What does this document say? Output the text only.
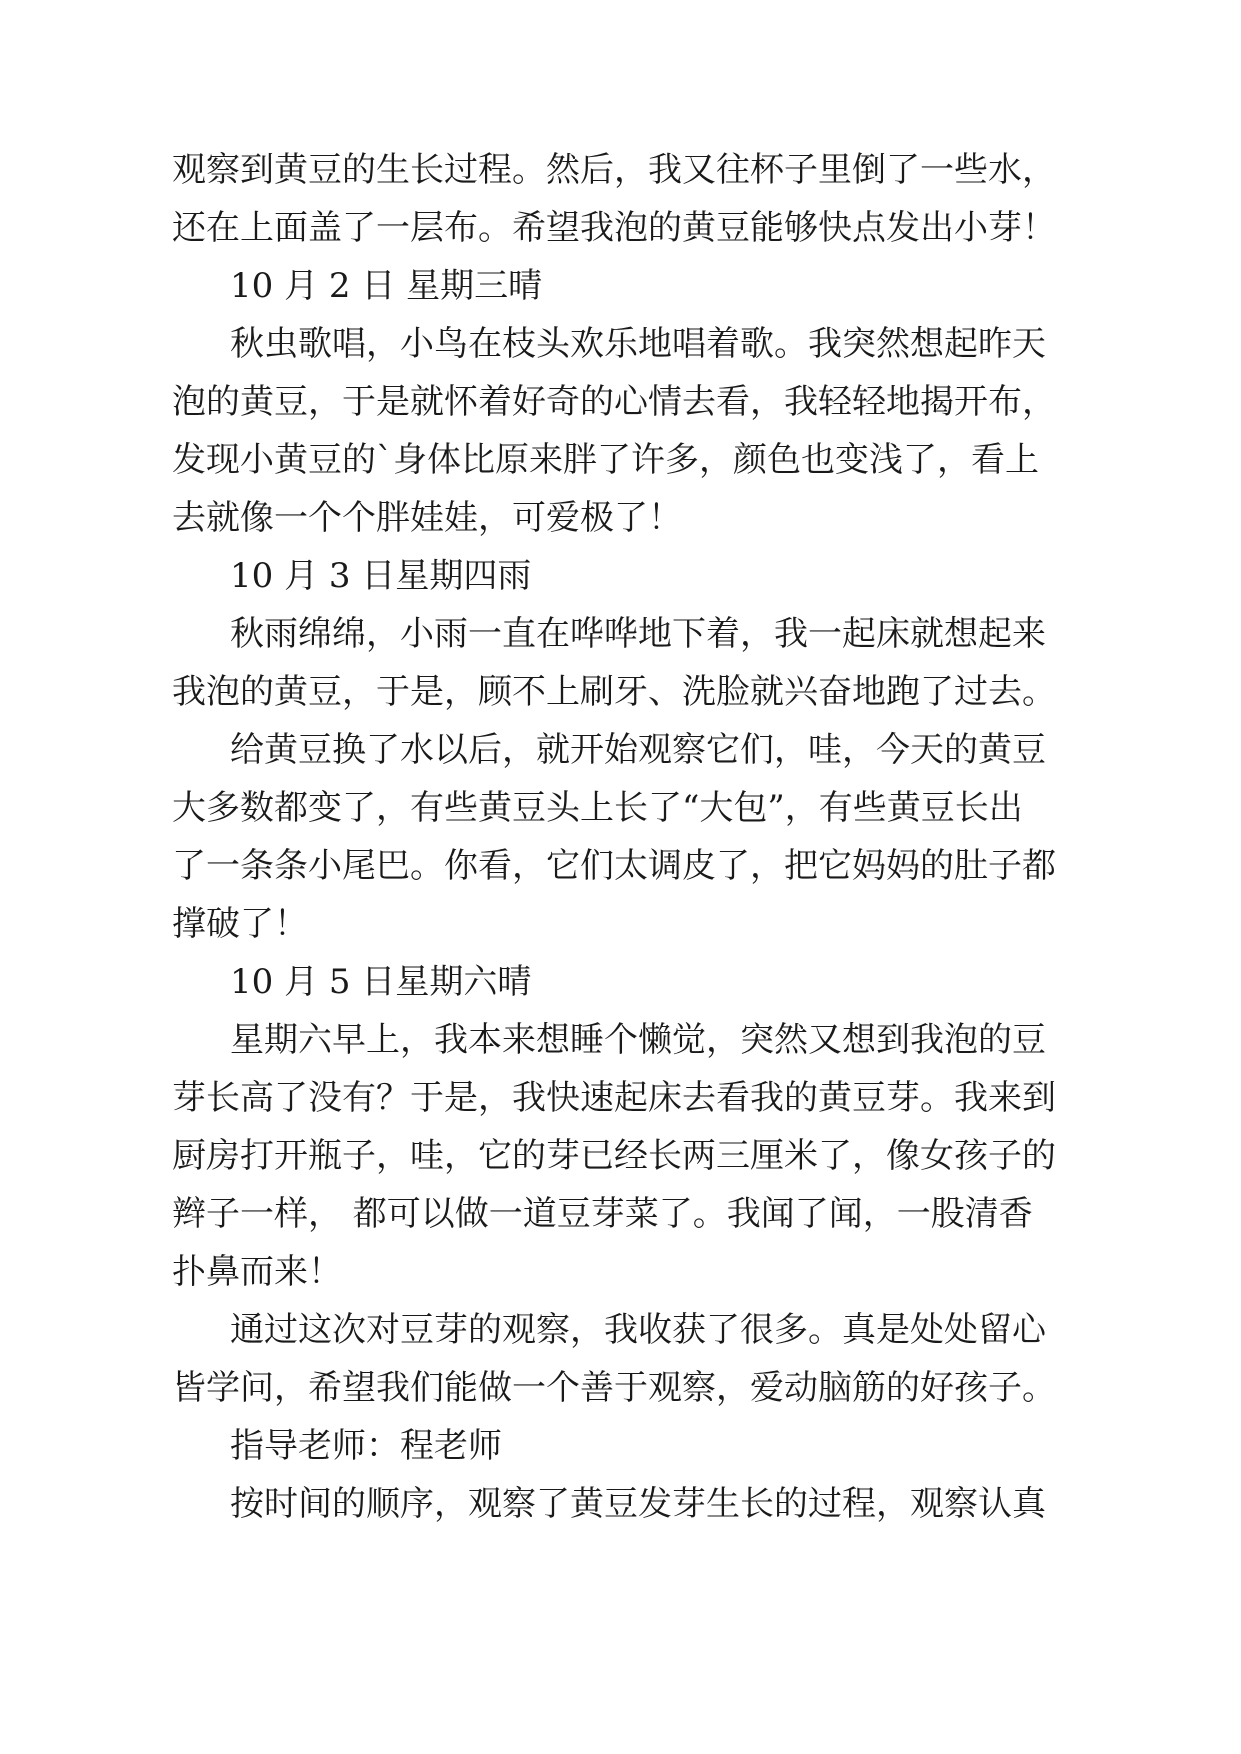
观察到黄豆的生长过程。然后，我又往杯子里倒了一些水，
还在上面盖了一层布。希望我泡的黄豆能够快点发出小芽！
10 月 2 日 星期三晴
秋虫歌唱，小鸟在枝头欢乐地唱着歌。我突然想起昨天
泡的黄豆，于是就怀着好奇的心情去看，我轻轻地揭开布，
发现小黄豆的`身体比原来胖了许多，颜色也变浅了，看上
去就像一个个胖娃娃，可爱极了！
10 月 3 日星期四雨
秋雨绵绵，小雨一直在哗哗地下着，我一起床就想起来
我泡的黄豆，于是，顾不上刷牙、洗脸就兴奋地跑了过去。
给黄豆换了水以后，就开始观察它们，哇，今天的黄豆
大多数都变了，有些黄豆头上长了“大包”，有些黄豆长出
了一条条小尾巴。你看，它们太调皮了，把它妈妈的肚子都
撑破了！
10 月 5 日星期六晴
星期六早上，我本来想睡个懒觉，突然又想到我泡的豆
芽长高了没有？于是，我快速起床去看我的黄豆芽。我来到
厨房打开瓶子，哇，它的芽已经长两三厘米了，像女孩子的
辫子一样， 都可以做一道豆芽菜了。我闻了闻，一股清香
扑鼻而来！
通过这次对豆芽的观察，我收获了很多。真是处处留心
皆学问，希望我们能做一个善于观察，爱动脑筋的好孩子。
指导老师：程老师
按时间的顺序，观察了黄豆发芽生长的过程，观察认真
